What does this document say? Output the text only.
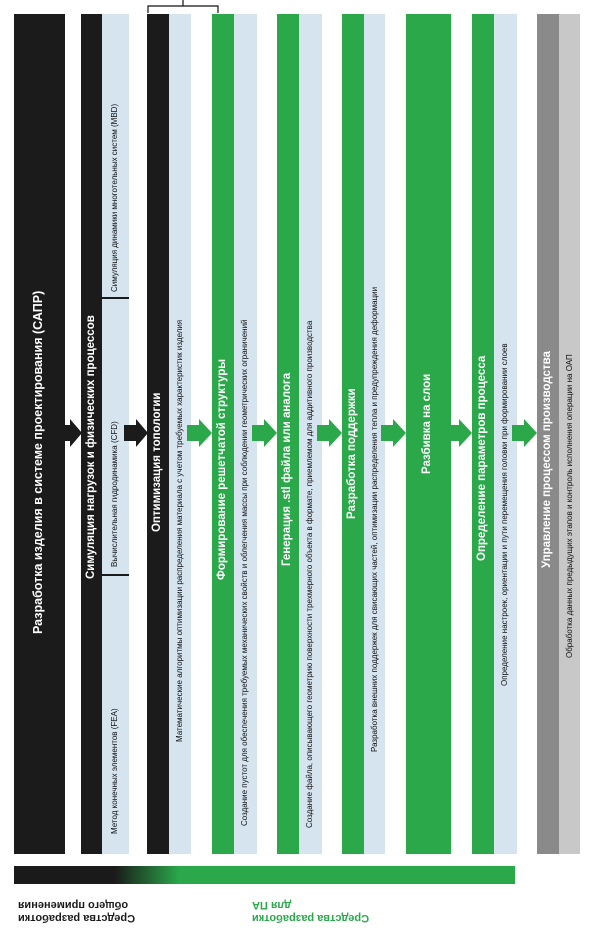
Разработка изделия в системе проектирования (САПР)	Симуляция нагрузок и физических процессов
Метод конечных элементов (FEA)
Вычислительная гидродинамика (CFD)
Симуляция динамики многотельных систем (MBD)
Оптимизация топологии Математические алгоритмы оптимизации распределения материала с учетом требуемых характеристик изделия	Формирование решетчатой структуры Создание пустот для обеспечения требуемых механических свойств и облегчения массы при соблюдении геометрических ограничений	Генерация .stl файла или аналога Создание файла, описывающего геометрию поверхности трехмерного объекта в формате, приемлемом для аддитивного производства	Разработка поддержки Разработка внешних поддержек для свисающих частей, оптимизации распределения тепла и предупреждения деформации	Разбивка на слои	Определение параметров процесса Определение настроек, ориентации и пути перемещения головки при формировании слоев	Управление процессом производства Обработка данных предыдущих этапов и контроль исполнения операции на ОАП
Средства разработки общего применения
Средства разработки для ПА
